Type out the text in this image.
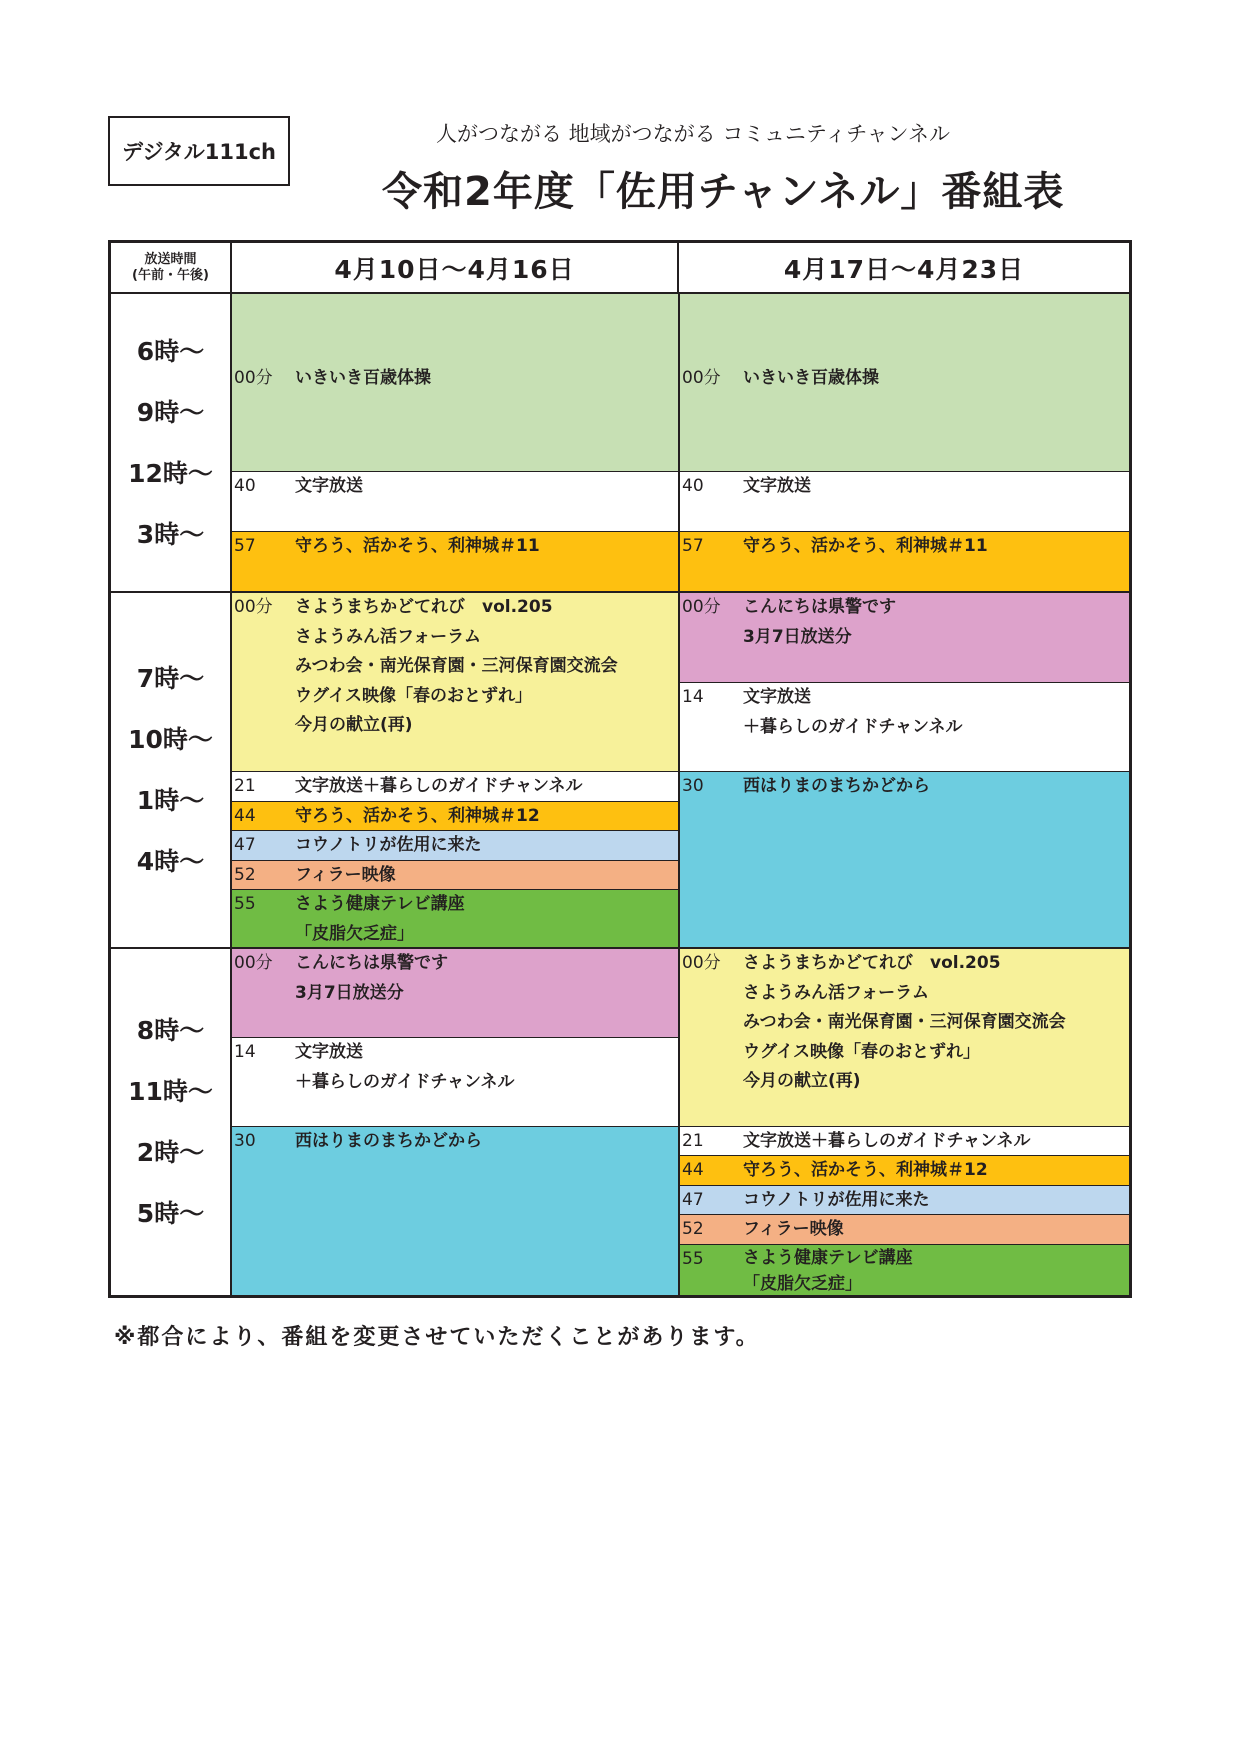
デジタル111ch
人がつながる 地域がつながる コミュニティチャンネル
令和2年度「佐用チャンネル」番組表
放送時間
(午前・午後)	4月10日～4月16日	4月17日～4月23日
6時～
9時～
12時～
3時～
7時～
10時～
1時～
4時～
8時～
11時～
2時～
5時～
00分 いきいき百歳体操
40 文字放送
57 守ろう、活かそう、利神城＃11
00分 さようまちかどてれび　vol.205
さようみん活フォーラム
みつわ会・南光保育園・三河保育園交流会
ウグイス映像「春のおとずれ」
今月の献立(再)
21 文字放送＋暮らしのガイドチャンネル
44 守ろう、活かそう、利神城＃12
47 コウノトリが佐用に来た
52 フィラー映像
55 さよう健康テレビ講座
「皮脂欠乏症」
00分 こんにちは県警です
3月7日放送分
14 文字放送
＋暮らしのガイドチャンネル
30 西はりまのまちかどから
00分 いきいき百歳体操
40 文字放送
57 守ろう、活かそう、利神城＃11
00分 こんにちは県警です
3月7日放送分
14 文字放送
＋暮らしのガイドチャンネル
30 西はりまのまちかどから
00分 さようまちかどてれび　vol.205
さようみん活フォーラム
みつわ会・南光保育園・三河保育園交流会
ウグイス映像「春のおとずれ」
今月の献立(再)
21 文字放送＋暮らしのガイドチャンネル
44 守ろう、活かそう、利神城＃12
47 コウノトリが佐用に来た
52 フィラー映像
55 さよう健康テレビ講座
「皮脂欠乏症」
※都合により、番組を変更させていただくことがあります。
